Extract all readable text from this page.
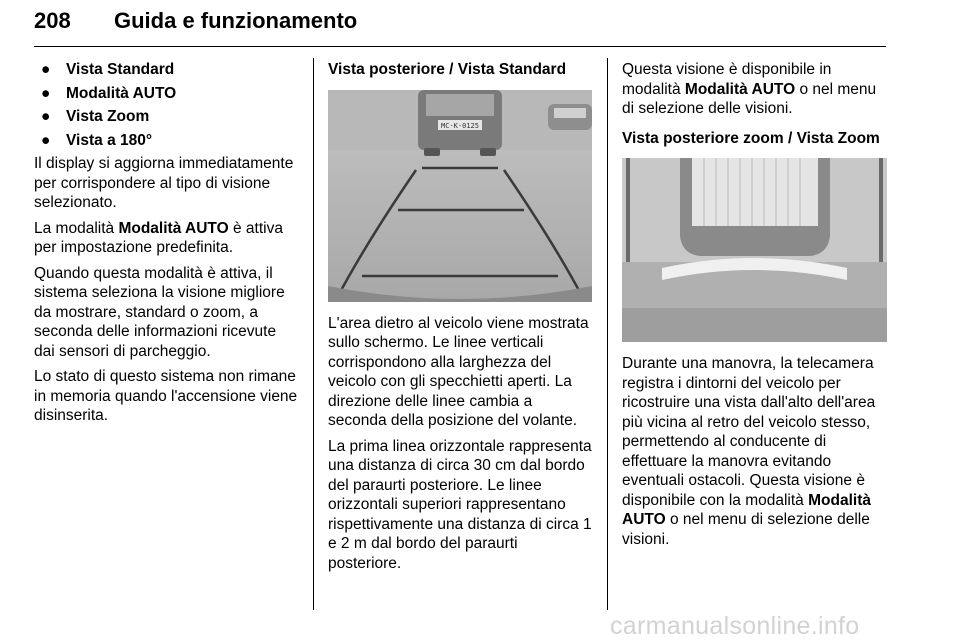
208 Guida e funzionamento
● Vista Standard
● Modalità AUTO
● Vista Zoom
● Vista a 180°

Il display si aggiorna immediatamente per corrispondere al tipo di visione selezionato.

La modalità Modalità AUTO è attiva per impostazione predefinita.

Quando questa modalità è attiva, il sistema seleziona la visione migliore da mostrare, standard o zoom, a seconda delle informazioni ricevute dai sensori di parcheggio.

Lo stato di questo sistema non rimane in memoria quando l'accensione viene disinserita.

Vista posteriore / Vista Standard
MC-K·0125

L'area dietro al veicolo viene mostrata sullo schermo. Le linee verticali corrispondono alla larghezza del veicolo con gli specchietti aperti. La direzione delle linee cambia a seconda della posizione del volante.

La prima linea orizzontale rappresenta una distanza di circa 30 cm dal bordo del paraurti posteriore. Le linee orizzontali superiori rappresentano rispettivamente una distanza di circa 1 e 2 m dal bordo del paraurti posteriore.

Questa visione è disponibile in modalità Modalità AUTO o nel menu di selezione delle visioni.

Vista posteriore zoom / Vista Zoom

Durante una manovra, la telecamera registra i dintorni del veicolo per ricostruire una vista dall'alto dell'area più vicina al retro del veicolo stesso, permettendo al conducente di effettuare la manovra evitando eventuali ostacoli. Questa visione è disponibile con la modalità Modalità AUTO o nel menu di selezione delle visioni.

carmanualsonline.info
